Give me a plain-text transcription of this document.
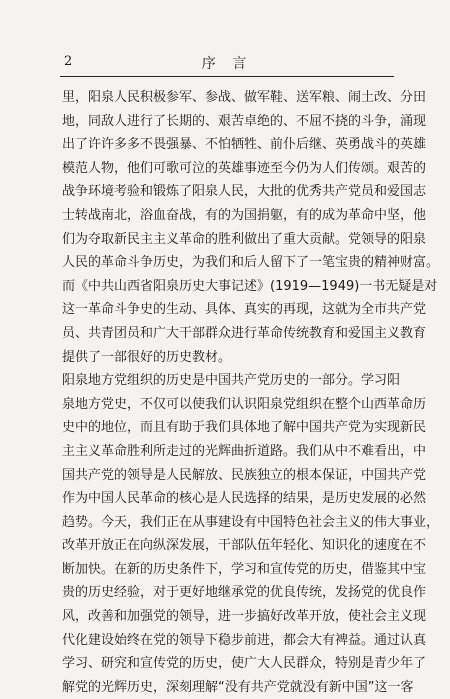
2	序 言
里，阳泉人民积极参军、参战、做军鞋、送军粮、闹土改、分田
地，同敌人进行了长期的、艰苦卓绝的、不屈不挠的斗争，涌现
出了许许多多不畏强暴、不怕牺牲、前仆后继、英勇战斗的英雄
模范人物，他们可歌可泣的英雄事迹至今仍为人们传颂。艰苦的
战争环境考验和锻炼了阳泉人民，大批的优秀共产党员和爱国志
士转战南北，浴血奋战，有的为国捐躯，有的成为革命中坚，他
们为夺取新民主主义革命的胜利做出了重大贡献。党领导的阳泉
人民的革命斗争历史，为我们和后人留下了一笔宝贵的精神财富。
而《中共山西省阳泉历史大事记述》(1919—1949)一书无疑是对
这一革命斗争史的生动、具体、真实的再现，这就为全市共产党
员、共青团员和广大干部群众进行革命传统教育和爱国主义教育
提供了一部很好的历史教材。
阳泉地方党组织的历史是中国共产党历史的一部分。学习阳
泉地方党史，不仅可以使我们认识阳泉党组织在整个山西革命历
史中的地位，而且有助于我们具体地了解中国共产党为实现新民
主主义革命胜利所走过的光辉曲折道路。我们从中不难看出，中
国共产党的领导是人民解放、民族独立的根本保证，中国共产党
作为中国人民革命的核心是人民选择的结果，是历史发展的必然
趋势。今天，我们正在从事建设有中国特色社会主义的伟大事业，
改革开放正在向纵深发展，干部队伍年轻化、知识化的速度在不
断加快。在新的历史条件下，学习和宣传党的历史，借鉴其中宝
贵的历史经验，对于更好地继承党的优良传统，发扬党的优良作
风，改善和加强党的领导，进一步搞好改革开放，使社会主义现
代化建设始终在党的领导下稳步前进，都会大有裨益。通过认真
学习、研究和宣传党的历史，使广大人民群众，特别是青少年了
解党的光辉历史，深刻理解“没有共产党就没有新中国”这一客
